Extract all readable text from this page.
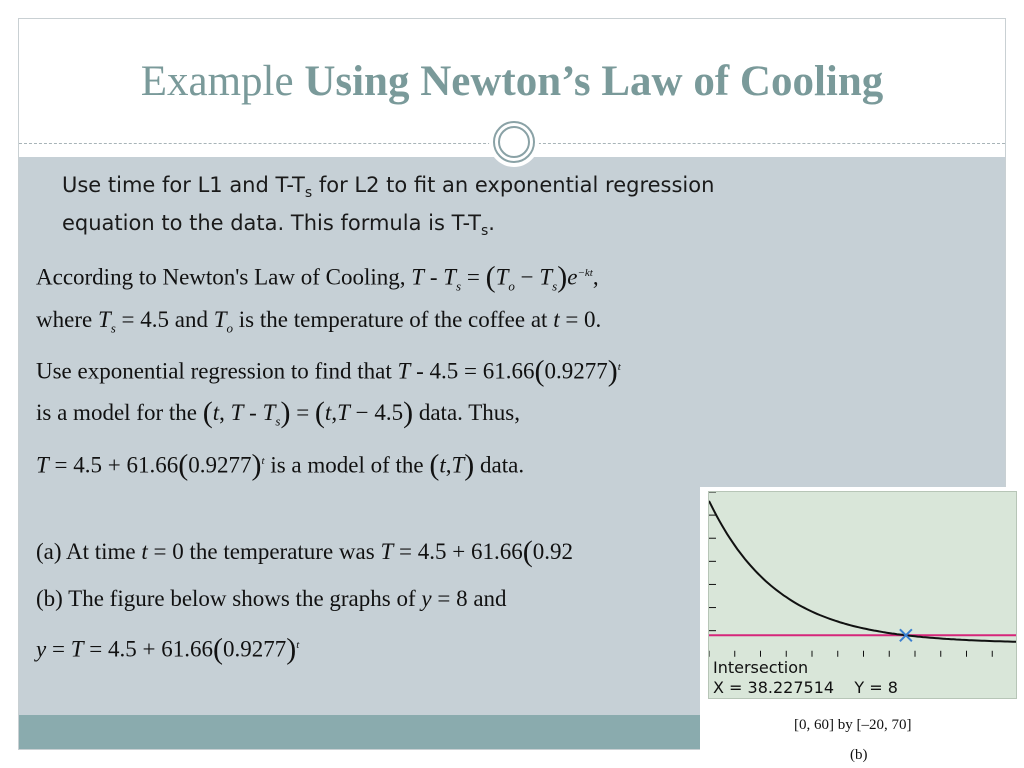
Example Using Newton’s Law of Cooling
Use time for L1 and $T-T_s$ for L2 to fit an exponential regression
equation to the data. This formula is $T-T_s$.
According to Newton's Law of Cooling, $T - T_s = (T_o - T_s)e^{-kt}$,
where $T_s = 4.5$ and $T_o$ is the temperature of the coffee at t = 0.
Use exponential regression to find that $T - 4.5 = 61.66(0.9277)^t$
is a model for the (t, $T - T_s) = (t,T - 4.5)$ data. Thus,
$T = 4.5 + 61.66(0.9277)^t$ is a model of the (t,T) data.
(a) At time t = 0 the temperature was T = 4.5 + 61.66(0.92
(b) The figure below shows the graphs of y = 8 and
$y = T = 4.5 + 61.66(0.9277)^t$
Intersection
X = 38.227514 Y = 8
[0, 60] by [–20, 70]
(b)
